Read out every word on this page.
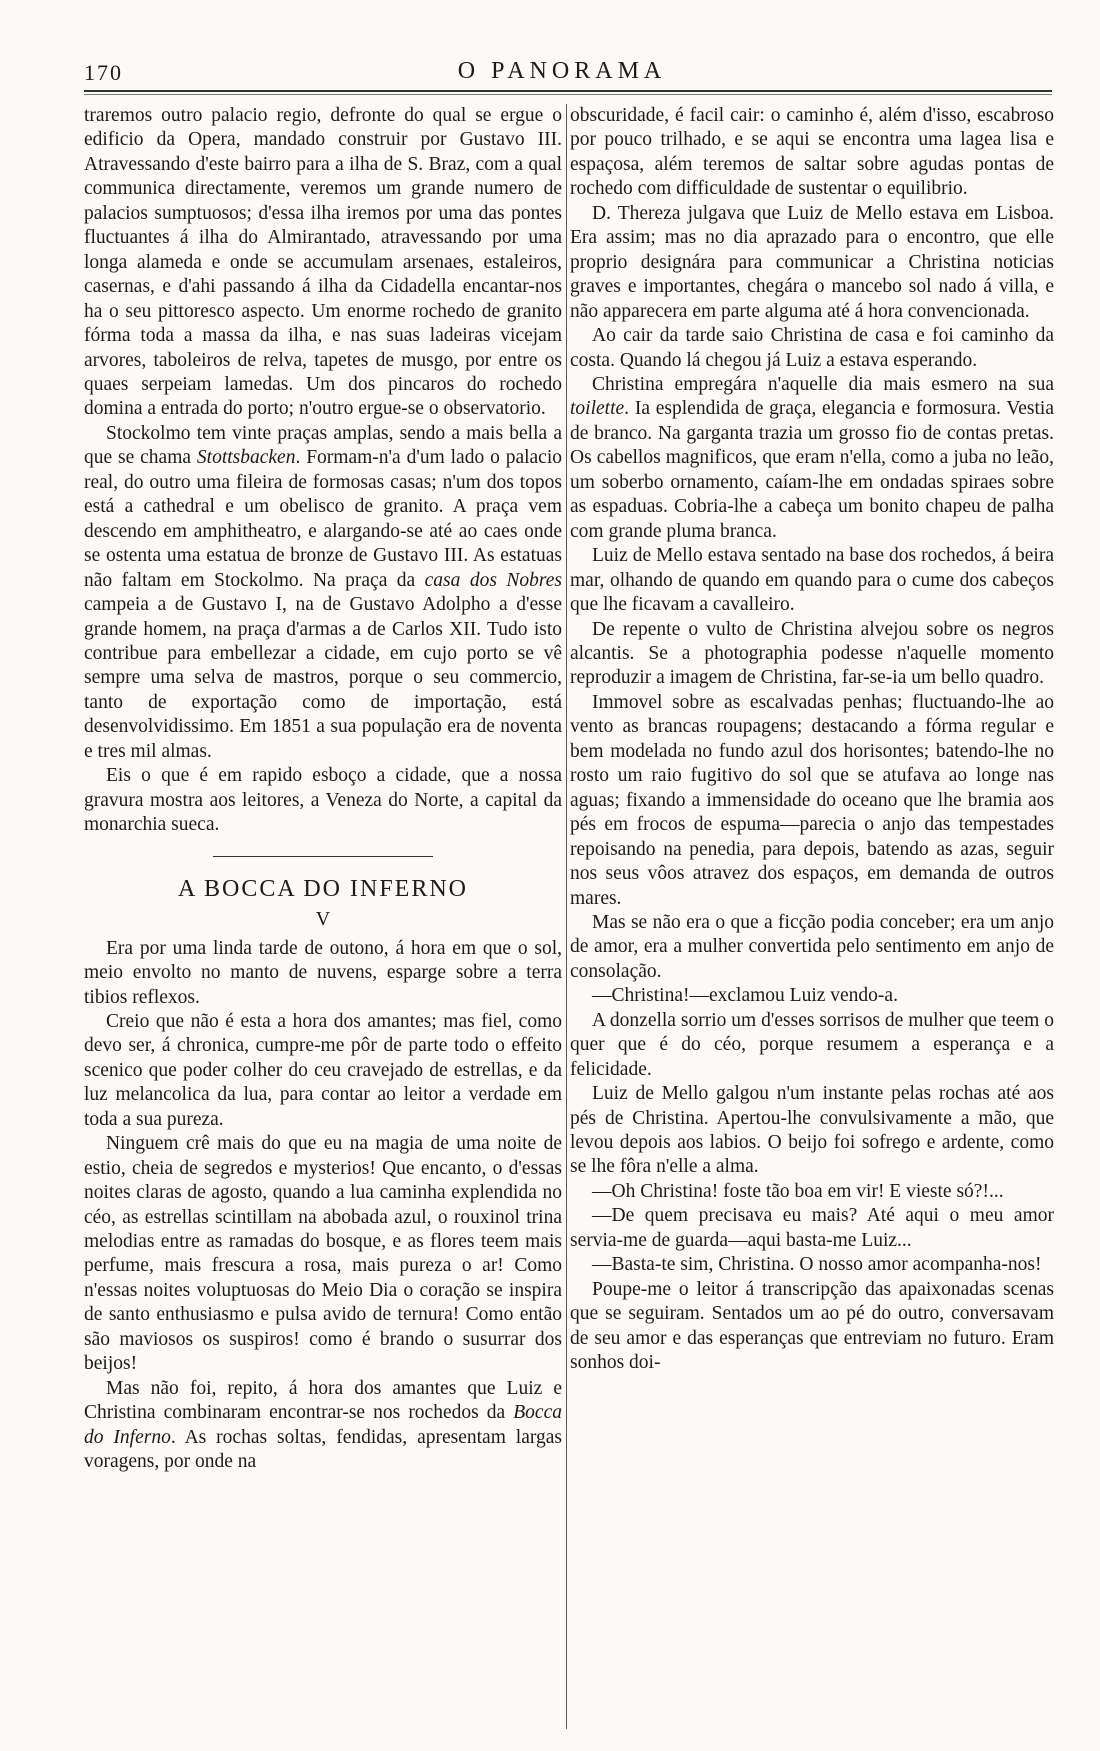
170	O PANORAMA

traremos outro palacio regio, defronte do qual se ergue o edificio da Opera, mandado construir por Gustavo III. Atravessando d'este bairro para a ilha de S. Braz, com a qual communica directamente, veremos um grande numero de palacios sumptuosos; d'essa ilha iremos por uma das pontes fluctuantes á ilha do Almirantado, atravessando por uma longa alameda e onde se accumulam arsenaes, estaleiros, casernas, e d'ahi passando á ilha da Cidadella encantar-nos ha o seu pittoresco aspecto. Um enorme rochedo de granito fórma toda a massa da ilha, e nas suas ladeiras vicejam arvores, taboleiros de relva, tapetes de musgo, por entre os quaes serpeiam lamedas. Um dos pincaros do rochedo domina a entrada do porto; n'outro ergue-se o observatorio.

Stockolmo tem vinte praças amplas, sendo a mais bella a que se chama Stottsbacken. Formam-n'a d'um lado o palacio real, do outro uma fileira de formosas casas; n'um dos topos está a cathedral e um obelisco de granito. A praça vem descendo em amphitheatro, e alargando-se até ao caes onde se ostenta uma estatua de bronze de Gustavo III. As estatuas não faltam em Stockolmo. Na praça da casa dos Nobres campeia a de Gustavo I, na de Gustavo Adolpho a d'esse grande homem, na praça d'armas a de Carlos XII. Tudo isto contribue para embellezar a cidade, em cujo porto se vê sempre uma selva de mastros, porque o seu commercio, tanto de exportação como de importação, está desenvolvidissimo. Em 1851 a sua população era de noventa e tres mil almas.

Eis o que é em rapido esboço a cidade, que a nossa gravura mostra aos leitores, a Veneza do Norte, a capital da monarchia sueca.

A BOCCA DO INFERNO
V

Era por uma linda tarde de outono, á hora em que o sol, meio envolto no manto de nuvens, esparge sobre a terra tibios reflexos.

Creio que não é esta a hora dos amantes; mas fiel, como devo ser, á chronica, cumpre-me pôr de parte todo o effeito scenico que poder colher do ceu cravejado de estrellas, e da luz melancolica da lua, para contar ao leitor a verdade em toda a sua pureza.

Ninguem crê mais do que eu na magia de uma noite de estio, cheia de segredos e mysterios! Que encanto, o d'essas noites claras de agosto, quando a lua caminha explendida no céo, as estrellas scintillam na abobada azul, o rouxinol trina melodias entre as ramadas do bosque, e as flores teem mais perfume, mais frescura a rosa, mais pureza o ar! Como n'essas noites voluptuosas do Meio Dia o coração se inspira de santo enthusiasmo e pulsa avido de ternura! Como então são maviosos os suspiros! como é brando o susurrar dos beijos!

Mas não foi, repito, á hora dos amantes que Luiz e Christina combinaram encontrar-se nos rochedos da Bocca do Inferno. As rochas soltas, fendidas, apresentam largas voragens, por onde na

obscuridade, é facil cair: o caminho é, além d'isso, escabroso por pouco trilhado, e se aqui se encontra uma lagea lisa e espaçosa, além teremos de saltar sobre agudas pontas de rochedo com difficuldade de sustentar o equilibrio.

D. Thereza julgava que Luiz de Mello estava em Lisboa. Era assim; mas no dia aprazado para o encontro, que elle proprio designára para communicar a Christina noticias graves e importantes, chegára o mancebo sol nado á villa, e não apparecera em parte alguma até á hora convencionada.

Ao cair da tarde saio Christina de casa e foi caminho da costa. Quando lá chegou já Luiz a estava esperando.

Christina empregára n'aquelle dia mais esmero na sua toilette. Ia esplendida de graça, elegancia e formosura. Vestia de branco. Na garganta trazia um grosso fio de contas pretas. Os cabellos magnificos, que eram n'ella, como a juba no leão, um soberbo ornamento, caíam-lhe em ondadas spiraes sobre as espaduas. Cobria-lhe a cabeça um bonito chapeu de palha com grande pluma branca.

Luiz de Mello estava sentado na base dos rochedos, á beira mar, olhando de quando em quando para o cume dos cabeços que lhe ficavam a cavalleiro.

De repente o vulto de Christina alvejou sobre os negros alcantis. Se a photographia podesse n'aquelle momento reproduzir a imagem de Christina, far-se-ia um bello quadro.

Immovel sobre as escalvadas penhas; fluctuando-lhe ao vento as brancas roupagens; destacando a fórma regular e bem modelada no fundo azul dos horisontes; batendo-lhe no rosto um raio fugitivo do sol que se atufava ao longe nas aguas; fixando a immensidade do oceano que lhe bramia aos pés em frocos de espuma—parecia o anjo das tempestades repoisando na penedia, para depois, batendo as azas, seguir nos seus vôos atravez dos espaços, em demanda de outros mares.

Mas se não era o que a ficção podia conceber; era um anjo de amor, era a mulher convertida pelo sentimento em anjo de consolação.

—Christina!—exclamou Luiz vendo-a.

A donzella sorrio um d'esses sorrisos de mulher que teem o quer que é do céo, porque resumem a esperança e a felicidade.

Luiz de Mello galgou n'um instante pelas rochas até aos pés de Christina. Apertou-lhe convulsivamente a mão, que levou depois aos labios. O beijo foi sofrego e ardente, como se lhe fôra n'elle a alma.

—Oh Christina! foste tão boa em vir! E vieste só?!...

—De quem precisava eu mais? Até aqui o meu amor servia-me de guarda—aqui basta-me Luiz...

—Basta-te sim, Christina. O nosso amor acompanha-nos!

Poupe-me o leitor á transcripção das apaixonadas scenas que se seguiram. Sentados um ao pé do outro, conversavam de seu amor e das esperanças que entreviam no futuro. Eram sonhos doi-
